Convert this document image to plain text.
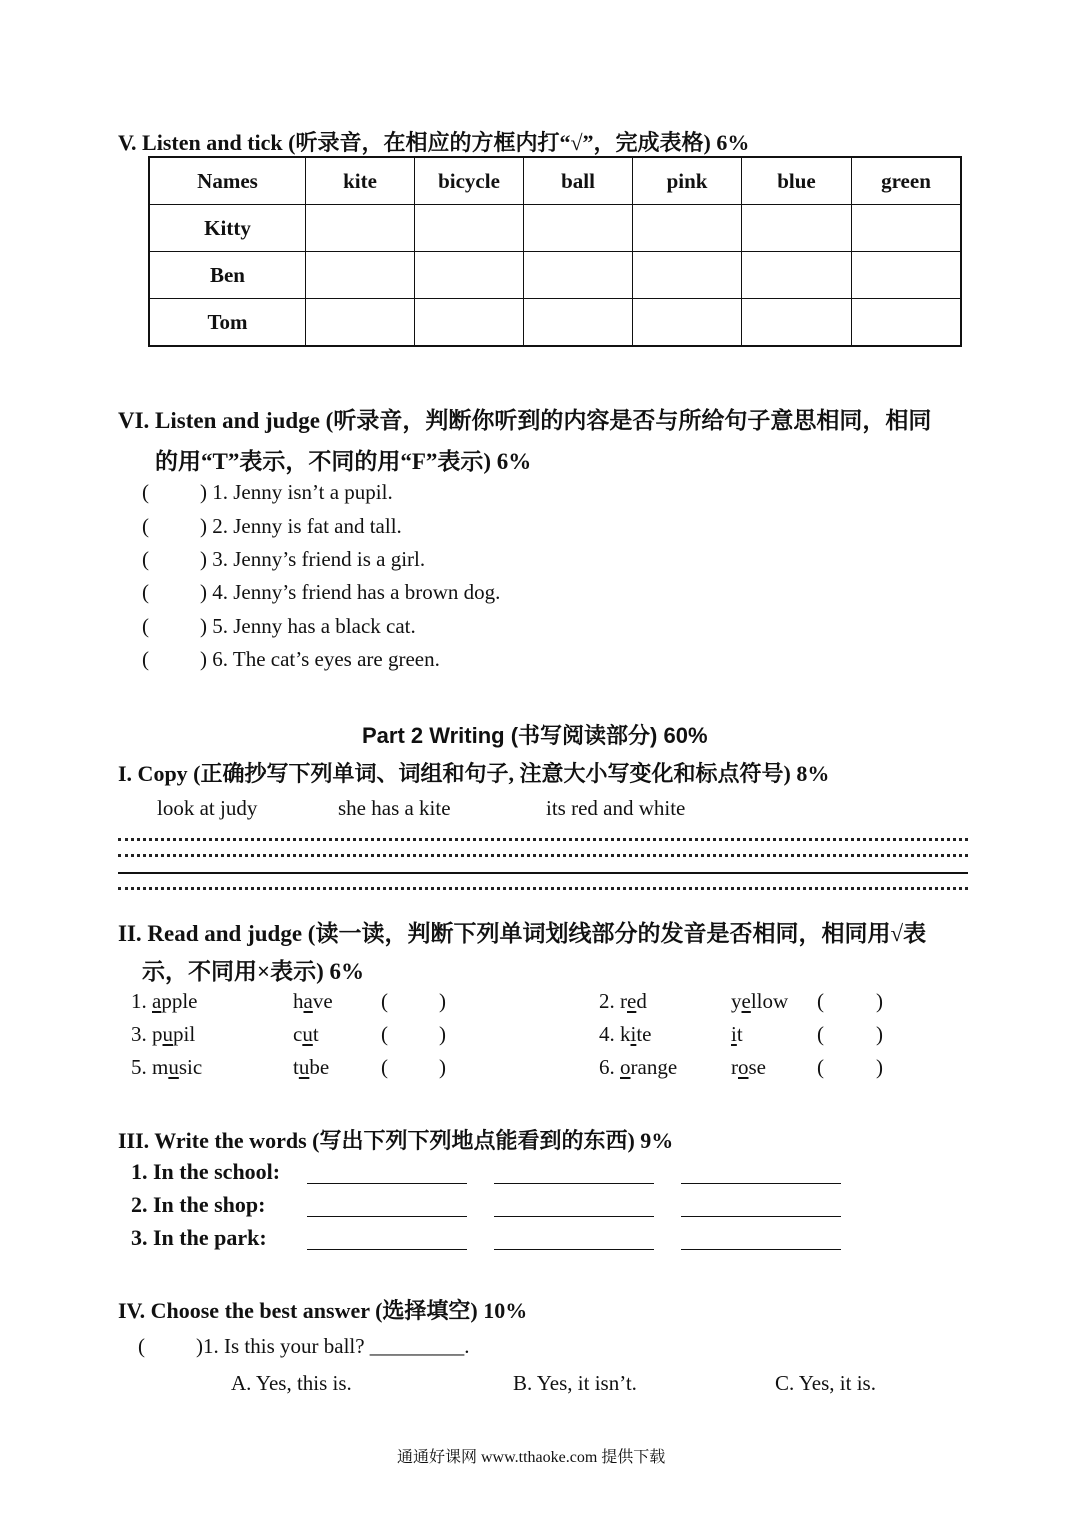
V. Listen and tick (听录音，在相应的方框内打“√”，完成表格) 6%
Names	kite	bicycle	ball	pink	blue	green
Kitty						
Ben						
Tom						
VI. Listen and judge (听录音，判断你听到的内容是否与所给句子意思相同，相同
的用“T”表示，不同的用“F”表示) 6%
( ) 1. Jenny isn’t a pupil.
( ) 2. Jenny is fat and tall.
( ) 3. Jenny’s friend is a girl.
( ) 4. Jenny’s friend has a brown dog.
( ) 5. Jenny has a black cat.
( ) 6. The cat’s eyes are green.
Part 2 Writing (书写阅读部分) 60%
I. Copy (正确抄写下列单词、词组和句子, 注意大小写变化和标点符号) 8%
look at judy	she has a kite	its red and white
II. Read and judge (读一读，判断下列单词划线部分的发音是否相同，相同用√表
示，不同用×表示) 6%
1. apple	have ( )	2. red	yellow ( )
3. pupil	cut	( )	4. kite	it	( )
5. music	tube ( )	6. orange	rose ( )
III. Write the words (写出下列下列地点能看到的东西) 9%
1. In the school:
2. In the shop:
3. In the park:
IV. Choose the best answer (选择填空) 10%
( )1. Is this your ball? _________.
A. Yes, this is.	B. Yes, it isn’t.	C. Yes, it is.
通通好课网 www.tthaoke.com 提供下载
